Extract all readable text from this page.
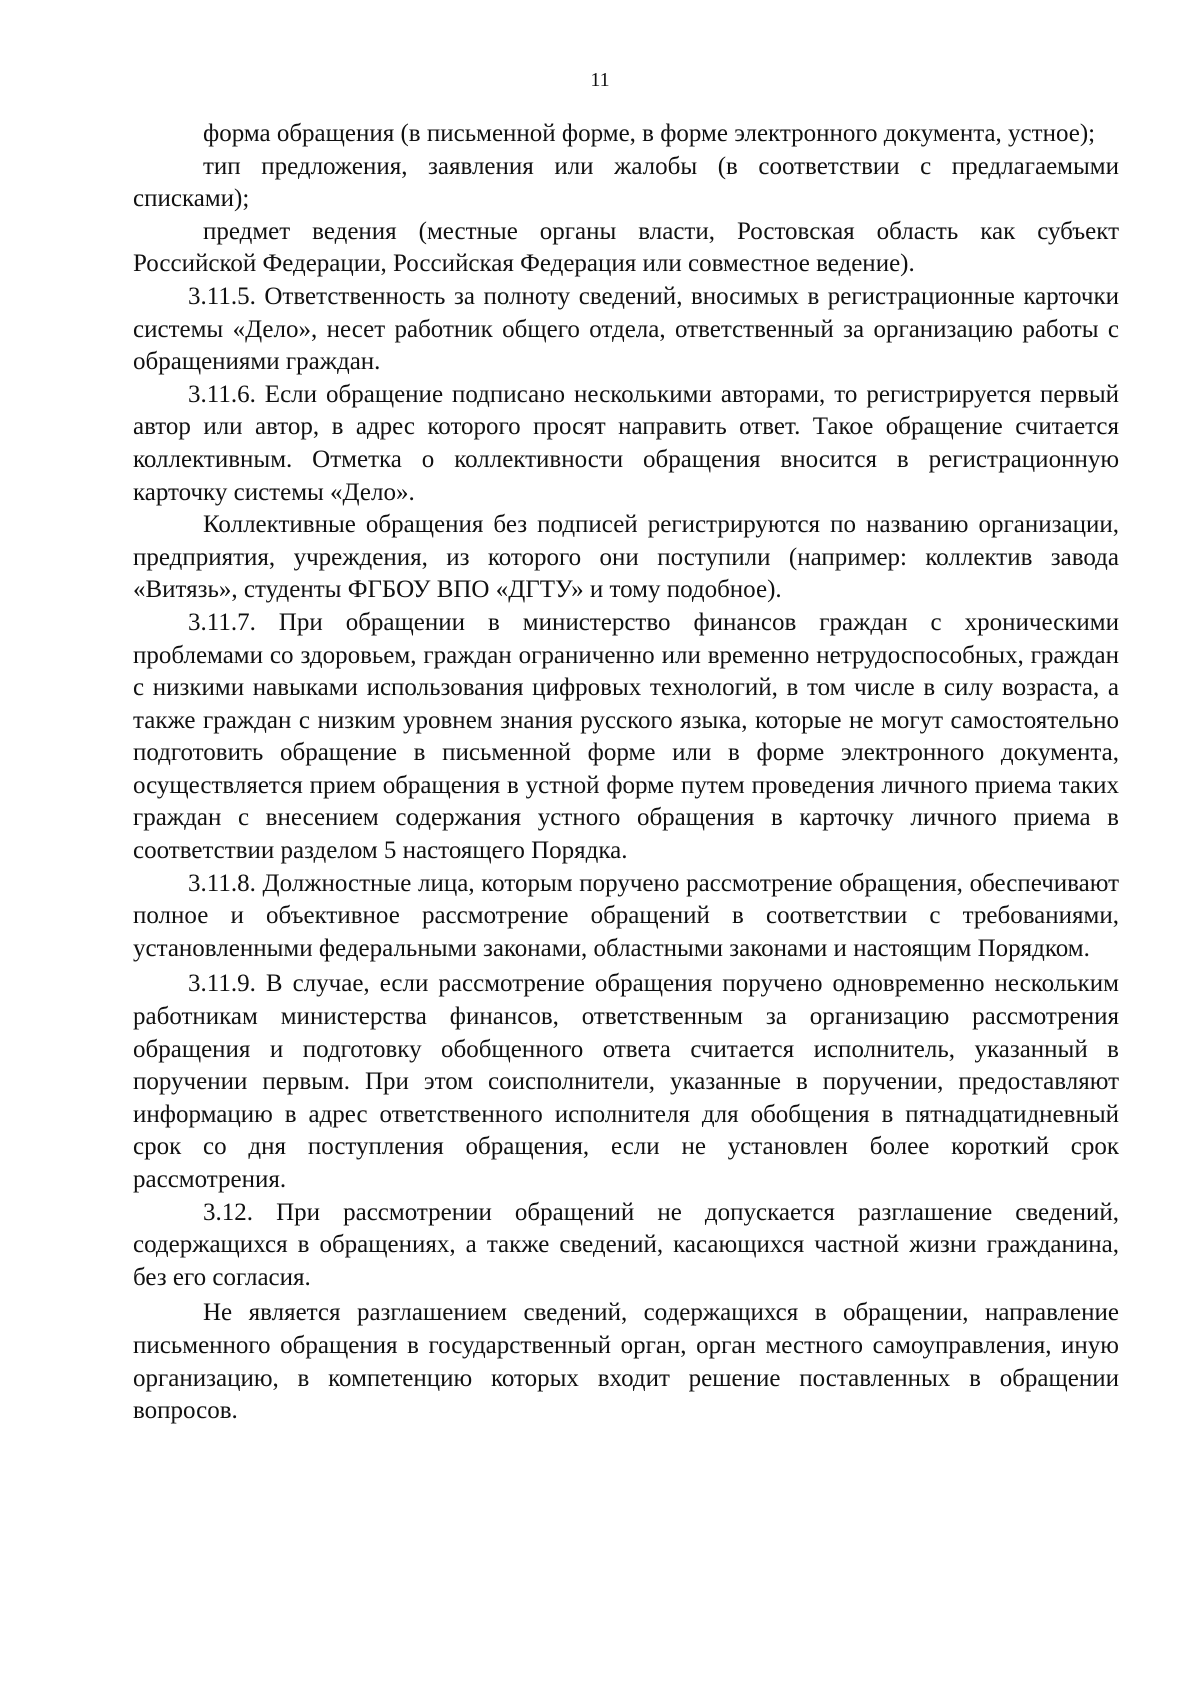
11

форма обращения (в письменной форме, в форме электронного документа, устное);

тип предложения, заявления или жалобы (в соответствии с предлагаемыми списками);

предмет ведения (местные органы власти, Ростовская область как субъект Российской Федерации, Российская Федерация или совместное ведение).

3.11.5. Ответственность за полноту сведений, вносимых в регистрационные карточки системы «Дело», несет работник общего отдела, ответственный за организацию работы с обращениями граждан.

3.11.6. Если обращение подписано несколькими авторами, то регистрируется первый автор или автор, в адрес которого просят направить ответ. Такое обращение считается коллективным. Отметка о коллективности обращения вносится в регистрационную карточку системы «Дело».

Коллективные обращения без подписей регистрируются по названию организации, предприятия, учреждения, из которого они поступили (например: коллектив завода «Витязь», студенты ФГБОУ ВПО «ДГТУ» и тому подобное).

3.11.7. При обращении в министерство финансов граждан с хроническими проблемами со здоровьем, граждан ограниченно или временно нетрудоспособных, граждан с низкими навыками использования цифровых технологий, в том числе в силу возраста, а также граждан с низким уровнем знания русского языка, которые не могут самостоятельно подготовить обращение в письменной форме или в форме электронного документа, осуществляется прием обращения в устной форме путем проведения личного приема таких граждан с внесением содержания устного обращения в карточку личного приема в соответствии разделом 5 настоящего Порядка.

3.11.8. Должностные лица, которым поручено рассмотрение обращения, обеспечивают полное и объективное рассмотрение обращений в соответствии с требованиями, установленными федеральными законами, областными законами и настоящим Порядком.

3.11.9. В случае, если рассмотрение обращения поручено одновременно нескольким работникам министерства финансов, ответственным за организацию рассмотрения обращения и подготовку обобщенного ответа считается исполнитель, указанный в поручении первым. При этом соисполнители, указанные в поручении, предоставляют информацию в адрес ответственного исполнителя для обобщения в пятнадцатидневный срок со дня поступления обращения, если не установлен более короткий срок рассмотрения.

3.12. При рассмотрении обращений не допускается разглашение сведений, содержащихся в обращениях, а также сведений, касающихся частной жизни гражданина, без его согласия.

Не является разглашением сведений, содержащихся в обращении, направление письменного обращения в государственный орган, орган местного самоуправления, иную организацию, в компетенцию которых входит решение поставленных в обращении вопросов.
